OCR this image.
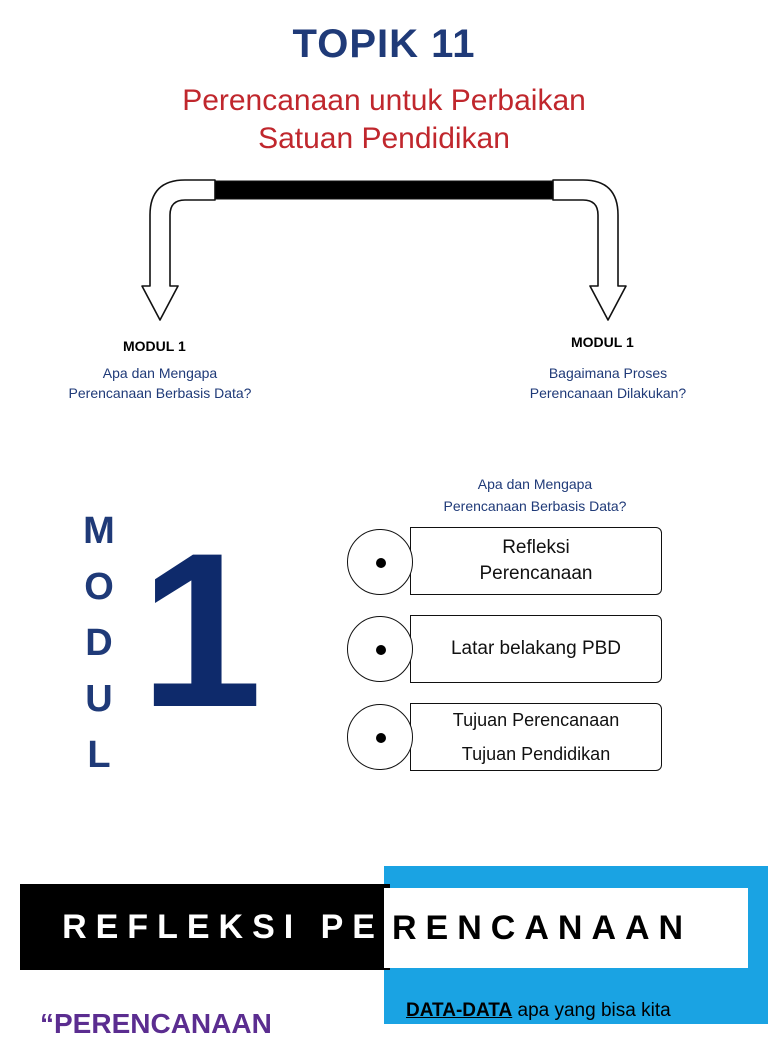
TOPIK 11
Perencanaan untuk Perbaikan
Satuan Pendidikan
MODUL 1
Apa dan Mengapa
Perencanaan Berbasis Data?
MODUL 1
Bagaimana Proses
Perencanaan Dilakukan?
M
O
D
U
L
1
Apa dan Mengapa
Perencanaan Berbasis Data?
Refleksi
Perencanaan
Latar belakang PBD
Tujuan Perencanaan
Tujuan Pendidikan
REFLEKSI PE RENCANAAN
“PERENCANAAN	DATA-DATA apa yang bisa kita
